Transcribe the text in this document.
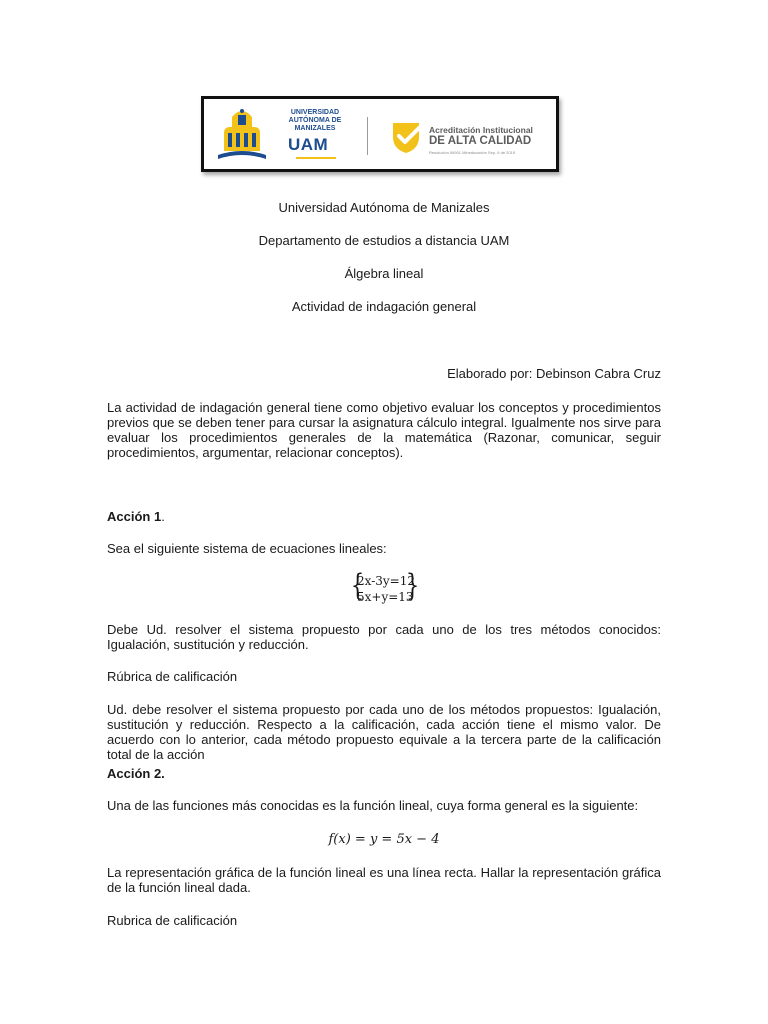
UNIVERSIDAD AUTÓNOMA DE MANIZALES
UAM
Acreditación Institucional
DE ALTA CALIDAD
Resolución 06901 Mineducación Sep. 6 de 2019
Universidad Autónoma de Manizales
Departamento de estudios a distancia UAM
Álgebra lineal
Actividad de indagación general
Elaborado por: Debinson Cabra Cruz
La actividad de indagación general tiene como objetivo evaluar los conceptos y procedimientos previos que se deben tener para cursar la asignatura cálculo integral. Igualmente nos sirve para evaluar los procedimientos generales de la matemática (Razonar, comunicar, seguir procedimientos, argumentar, relacionar conceptos).
Acción 1.
Sea el siguiente sistema de ecuaciones lineales:
{
2x-3y=12
5x+y=13
}
Debe Ud. resolver el sistema propuesto por cada uno de los tres métodos conocidos: Igualación, sustitución y reducción.
Rúbrica de calificación
Ud. debe resolver el sistema propuesto por cada uno de los métodos propuestos: Igualación, sustitución y reducción. Respecto a la calificación, cada acción tiene el mismo valor. De acuerdo con lo anterior, cada método propuesto equivale a la tercera parte de la calificación total de la acción
Acción 2.
Una de las funciones más conocidas es la función lineal, cuya forma general es la siguiente:
f(x) = y = 5x − 4
La representación gráfica de la función lineal es una línea recta. Hallar la representación gráfica de la función lineal dada.
Rubrica de calificación
